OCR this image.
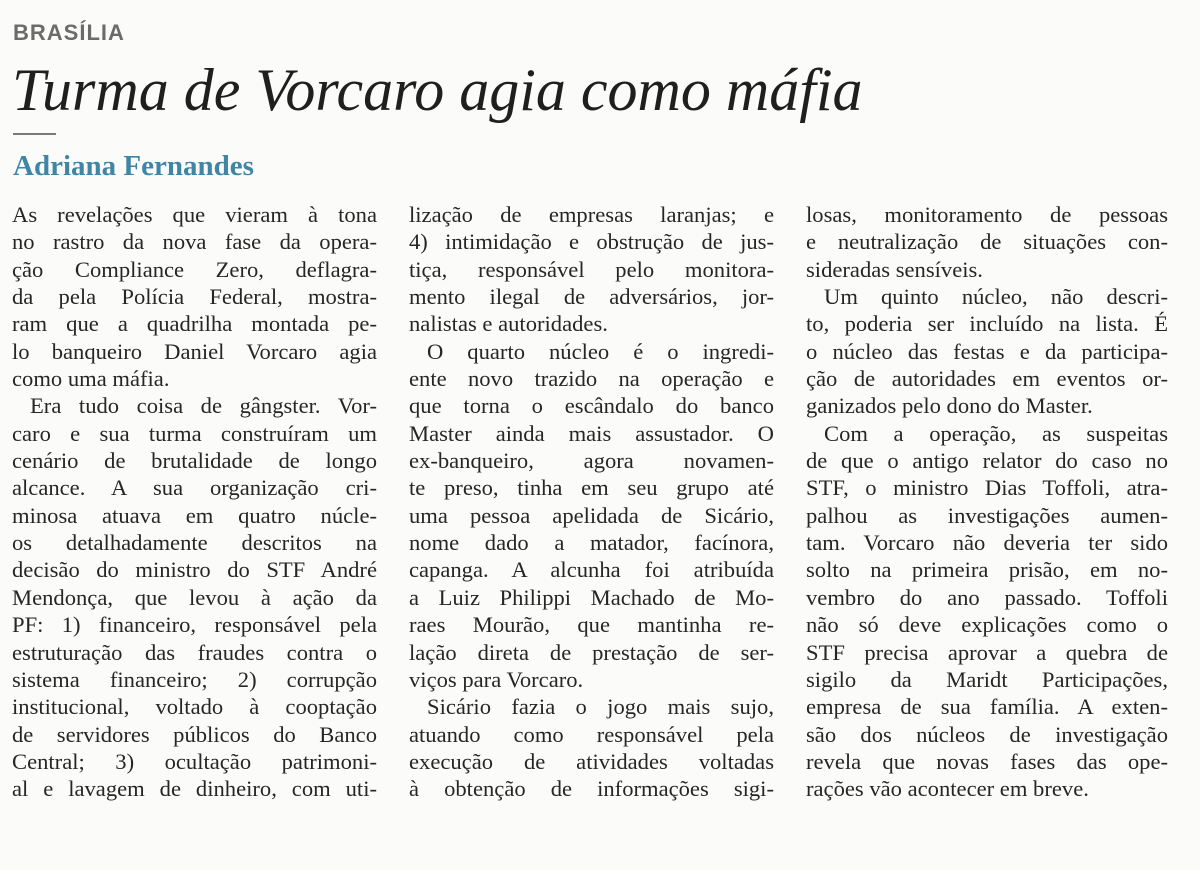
BRASÍLIA
Turma de Vorcaro agia como máfia
Adriana Fernandes
As revelações que vieram à tona
no rastro da nova fase da opera-
ção Compliance Zero, deflagra-
da pela Polícia Federal, mostra-
ram que a quadrilha montada pe-
lo banqueiro Daniel Vorcaro agia
como uma máfia.
Era tudo coisa de gângster. Vor-
caro e sua turma construíram um
cenário de brutalidade de longo
alcance. A sua organização cri-
minosa atuava em quatro núcle-
os detalhadamente descritos na
decisão do ministro do STF André
Mendonça, que levou à ação da
PF: 1) financeiro, responsável pela
estruturação das fraudes contra o
sistema financeiro; 2) corrupção
institucional, voltado à cooptação
de servidores públicos do Banco
Central; 3) ocultação patrimoni-
al e lavagem de dinheiro, com uti-
lização de empresas laranjas; e
4) intimidação e obstrução de jus-
tiça, responsável pelo monitora-
mento ilegal de adversários, jor-
nalistas e autoridades.
O quarto núcleo é o ingredi-
ente novo trazido na operação e
que torna o escândalo do banco
Master ainda mais assustador. O
ex-banqueiro, agora novamen-
te preso, tinha em seu grupo até
uma pessoa apelidada de Sicário,
nome dado a matador, facínora,
capanga. A alcunha foi atribuída
a Luiz Philippi Machado de Mo-
raes Mourão, que mantinha re-
lação direta de prestação de ser-
viços para Vorcaro.
Sicário fazia o jogo mais sujo,
atuando como responsável pela
execução de atividades voltadas
à obtenção de informações sigi-
losas, monitoramento de pessoas
e neutralização de situações con-
sideradas sensíveis.
Um quinto núcleo, não descri-
to, poderia ser incluído na lista. É
o núcleo das festas e da participa-
ção de autoridades em eventos or-
ganizados pelo dono do Master.
Com a operação, as suspeitas
de que o antigo relator do caso no
STF, o ministro Dias Toffoli, atra-
palhou as investigações aumen-
tam. Vorcaro não deveria ter sido
solto na primeira prisão, em no-
vembro do ano passado. Toffoli
não só deve explicações como o
STF precisa aprovar a quebra de
sigilo da Maridt Participações,
empresa de sua família. A exten-
são dos núcleos de investigação
revela que novas fases das ope-
rações vão acontecer em breve.
